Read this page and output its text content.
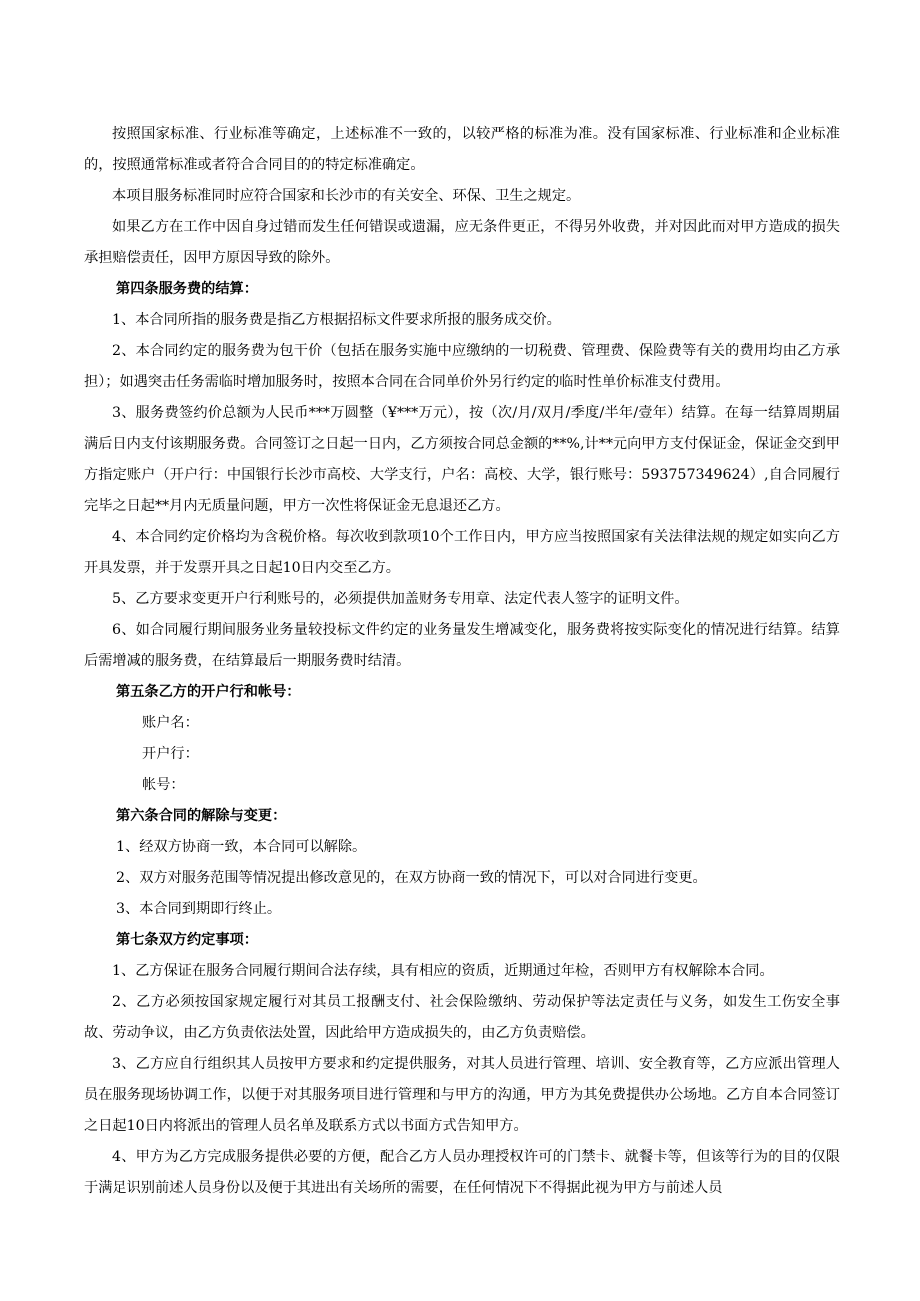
按照国家标准、行业标准等确定，上述标准不一致的，以较严格的标准为准。没有国家标准、行业标准和企业标准的，按照通常标准或者符合合同目的的特定标准确定。

本项目服务标准同时应符合国家和长沙市的有关安全、环保、卫生之规定。

如果乙方在工作中因自身过错而发生任何错误或遗漏，应无条件更正，不得另外收费，并对因此而对甲方造成的损失承担赔偿责任，因甲方原因导致的除外。

第四条服务费的结算：

1、本合同所指的服务费是指乙方根据招标文件要求所报的服务成交价。

2、本合同约定的服务费为包干价（包括在服务实施中应缴纳的一切税费、管理费、保险费等有关的费用均由乙方承担）；如遇突击任务需临时增加服务时，按照本合同在合同单价外另行约定的临时性单价标准支付费用。

3、服务费签约价总额为人民币***万圆整（¥***万元），按（次/月/双月/季度/半年/壹年）结算。在每一结算周期届满后日内支付该期服务费。合同签订之日起一日内，乙方须按合同总金额的**%,计**元向甲方支付保证金，保证金交到甲方指定账户（开户行：中国银行长沙市高校、大学支行，户名：高校、大学，银行账号：593757349624）,自合同履行完毕之日起**月内无质量问题，甲方一次性将保证金无息退还乙方。

4、本合同约定价格均为含税价格。每次收到款项10个工作日内，甲方应当按照国家有关法律法规的规定如实向乙方开具发票，并于发票开具之日起10日内交至乙方。

5、乙方要求变更开户行利账号的，必须提供加盖财务专用章、法定代表人签字的证明文件。

6、如合同履行期间服务业务量较投标文件约定的业务量发生增减变化，服务费将按实际变化的情况进行结算。结算后需增减的服务费，在结算最后一期服务费时结清。

第五条乙方的开户行和帐号：

账户名：

开户行：

帐号：

第六条合同的解除与变更：

1、经双方协商一致，本合同可以解除。

2、双方对服务范围等情况提出修改意见的，在双方协商一致的情况下，可以对合同进行变更。

3、本合同到期即行终止。

第七条双方约定事项：

1、乙方保证在服务合同履行期间合法存续，具有相应的资质，近期通过年检，否则甲方有权解除本合同。

2、乙方必须按国家规定履行对其员工报酬支付、社会保险缴纳、劳动保护等法定责任与义务，如发生工伤安全事故、劳动争议，由乙方负责依法处置，因此给甲方造成损失的，由乙方负责赔偿。

3、乙方应自行组织其人员按甲方要求和约定提供服务，对其人员进行管理、培训、安全教育等，乙方应派出管理人员在服务现场协调工作，以便于对其服务项目进行管理和与甲方的沟通，甲方为其免费提供办公场地。乙方自本合同签订之日起10日内将派出的管理人员名单及联系方式以书面方式告知甲方。

4、甲方为乙方完成服务提供必要的方便，配合乙方人员办理授权许可的门禁卡、就餐卡等，但该等行为的目的仅限于满足识别前述人员身份以及便于其进出有关场所的需要，在任何情况下不得据此视为甲方与前述人员
